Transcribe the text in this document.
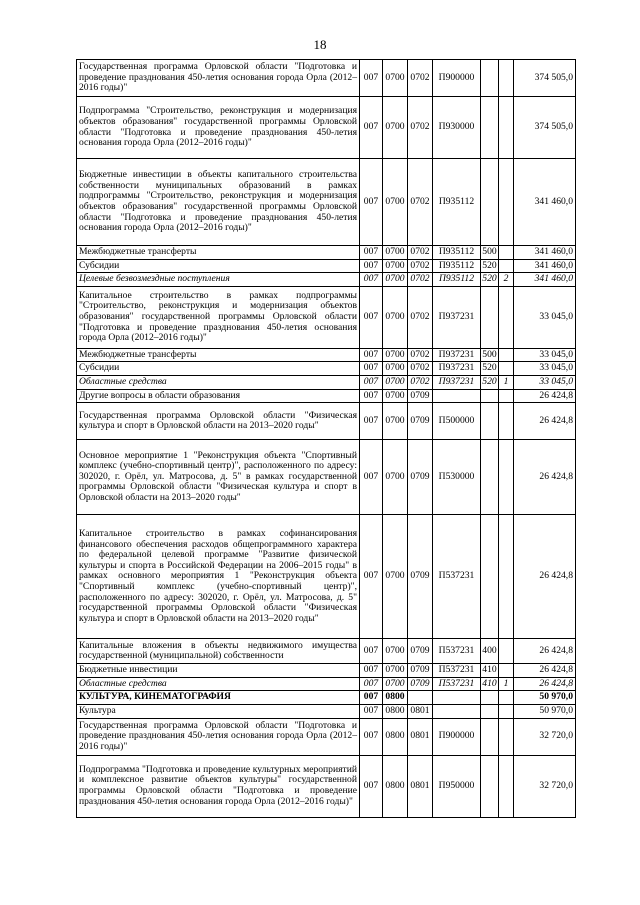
18
Государственная программа Орловской области "Подготовка и проведение празднования 450-летия основания города Орла (2012–2016 годы)"	007	0700	0702	П900000			374 505,0
Подпрограмма "Строительство, реконструкция и модернизация объектов образования" государственной программы Орловской области "Подготовка и проведение празднования 450-летия основания города Орла (2012–2016 годы)"	007	0700	0702	П930000			374 505,0
Бюджетные инвестиции в объекты капитального строительства собственности муниципальных образований в рамках подпрограммы "Строительство, реконструкция и модернизация объектов образования" государственной программы Орловской области "Подготовка и проведение празднования 450-летия основания города Орла (2012–2016 годы)"	007	0700	0702	П935112			341 460,0
Межбюджетные трансферты	007	0700	0702	П935112	500		341 460,0
Субсидии	007	0700	0702	П935112	520		341 460,0
Целевые безвозмездные поступления	007	0700	0702	П935112	520	2	341 460,0
Капитальное строительство в рамках подпрограммы "Строительство, реконструкция и модернизация объектов образования" государственной программы Орловской области "Подготовка и проведение празднования 450-летия основания города Орла (2012–2016 годы)"	007	0700	0702	П937231			33 045,0
Межбюджетные трансферты	007	0700	0702	П937231	500		33 045,0
Субсидии	007	0700	0702	П937231	520		33 045,0
Областные средства	007	0700	0702	П937231	520	1	33 045,0
Другие вопросы в области образования	007	0700	0709				26 424,8
Государственная программа Орловской области "Физическая культура и спорт в Орловской области на 2013–2020 годы"	007	0700	0709	П500000			26 424,8
Основное мероприятие 1 "Реконструкция объекта "Спортивный комплекс (учебно-спортивный центр)", расположенного по адресу: 302020, г. Орёл, ул. Матросова, д. 5" в рамках государственной программы Орловской области "Физическая культура и спорт в Орловской области на 2013–2020 годы"	007	0700	0709	П530000			26 424,8
Капитальное строительство в рамках софинансирования финансового обеспечения расходов общепрограммного характера по федеральной целевой программе "Развитие физической культуры и спорта в Российской Федерации на 2006–2015 годы" в рамках основного мероприятия 1 "Реконструкция объекта "Спортивный комплекс (учебно-спортивный центр)", расположенного по адресу: 302020, г. Орёл, ул. Матросова, д. 5" государственной программы Орловской области "Физическая культура и спорт в Орловской области на 2013–2020 годы"	007	0700	0709	П537231			26 424,8
Капитальные вложения в объекты недвижимого имущества государственной (муниципальной) собственности	007	0700	0709	П537231	400		26 424,8
Бюджетные инвестиции	007	0700	0709	П537231	410		26 424,8
Областные средства	007	0700	0709	П537231	410	1	26 424,8
КУЛЬТУРА, КИНЕМАТОГРАФИЯ	007	0800					50 970,0
Культура	007	0800	0801				50 970,0
Государственная программа Орловской области "Подготовка и проведение празднования 450-летия основания города Орла (2012–2016 годы)"	007	0800	0801	П900000			32 720,0
Подпрограмма "Подготовка и проведение культурных мероприятий и комплексное развитие объектов культуры" государственной программы Орловской области "Подготовка и проведение празднования 450-летия основания города Орла (2012–2016 годы)"	007	0800	0801	П950000			32 720,0
